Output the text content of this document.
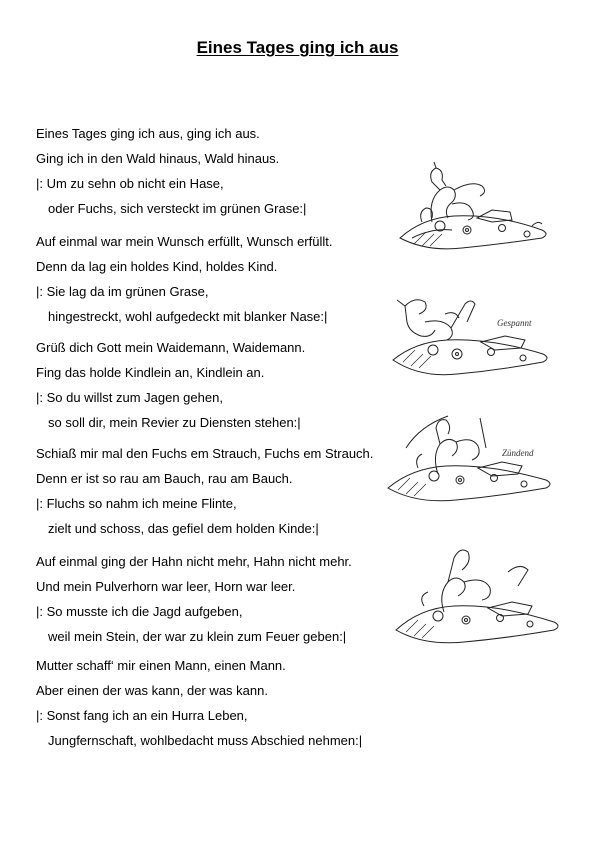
Eines Tages ging ich aus
Eines Tages ging ich aus, ging ich aus.
Ging ich in den Wald hinaus, Wald hinaus.
|: Um zu sehn ob nicht ein Hase,
oder Fuchs, sich versteckt im grünen Grase:|
Auf einmal war mein Wunsch erfüllt, Wunsch erfüllt.
Denn da lag ein holdes Kind, holdes Kind.
|: Sie lag da im grünen Grase,
hingestreckt, wohl aufgedeckt mit blanker Nase:|
Grüß dich Gott mein Waidemann, Waidemann.
Fing das holde Kindlein an, Kindlein an.
|: So du willst zum Jagen gehen,
so soll dir, mein Revier zu Diensten stehen:|
Schiaß mir mal den Fuchs em Strauch, Fuchs em Strauch.
Denn er ist so rau am Bauch, rau am Bauch.
|: Fluchs so nahm ich meine Flinte,
zielt und schoss, das gefiel dem holden Kinde:|
Auf einmal ging der Hahn nicht mehr, Hahn nicht mehr.
Und mein Pulverhorn war leer, Horn war leer.
|: So musste ich die Jagd aufgeben,
weil mein Stein, der war zu klein zum Feuer geben:|
Mutter schaff‘ mir einen Mann, einen Mann.
Aber einen der was kann, der was kann.
|: Sonst fang ich an ein Hurra Leben,
Jungfernschaft, wohlbedacht muss Abschied nehmen:|
Gespannt
Zündend
